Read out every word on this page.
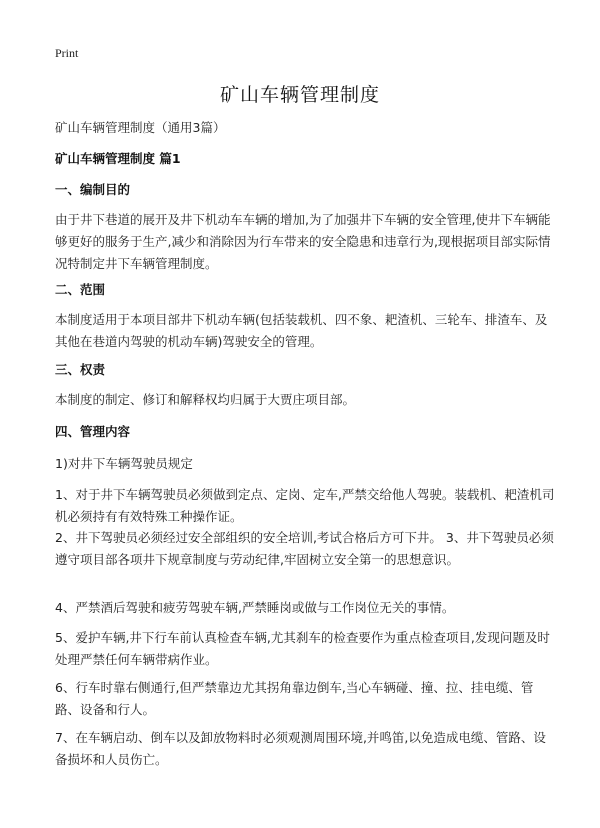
Print
矿山车辆管理制度
矿山车辆管理制度（通用3篇）
矿山车辆管理制度 篇1
一、编制目的
由于井下巷道的展开及井下机动车车辆的增加,为了加强井下车辆的安全管理,使井下车辆能够更好的服务于生产,减少和消除因为行车带来的安全隐患和违章行为,现根据项目部实际情况特制定井下车辆管理制度。
二、范围
本制度适用于本项目部井下机动车辆(包括装载机、四不象、耙渣机、三轮车、排渣车、及其他在巷道内驾驶的机动车辆)驾驶安全的管理。
三、权责
本制度的制定、修订和解释权均归属于大贾庄项目部。
四、管理内容
1)对井下车辆驾驶员规定
1、对于井下车辆驾驶员必须做到定点、定岗、定车,严禁交给他人驾驶。装载机、耙渣机司机必须持有有效特殊工种操作证。
2、井下驾驶员必须经过安全部组织的安全培训,考试合格后方可下井。 3、井下驾驶员必须遵守项目部各项井下规章制度与劳动纪律,牢固树立安全第一的思想意识。
4、严禁酒后驾驶和疲劳驾驶车辆,严禁睡岗或做与工作岗位无关的事情。
5、爱护车辆,井下行车前认真检查车辆,尤其刹车的检查要作为重点检查项目,发现问题及时处理严禁任何车辆带病作业。
6、行车时靠右侧通行,但严禁靠边尤其拐角靠边倒车,当心车辆碰、撞、拉、挂电缆、管路、设备和行人。
7、在车辆启动、倒车以及卸放物料时必须观测周围环境,并鸣笛,以免造成电缆、管路、设备损坏和人员伤亡。
